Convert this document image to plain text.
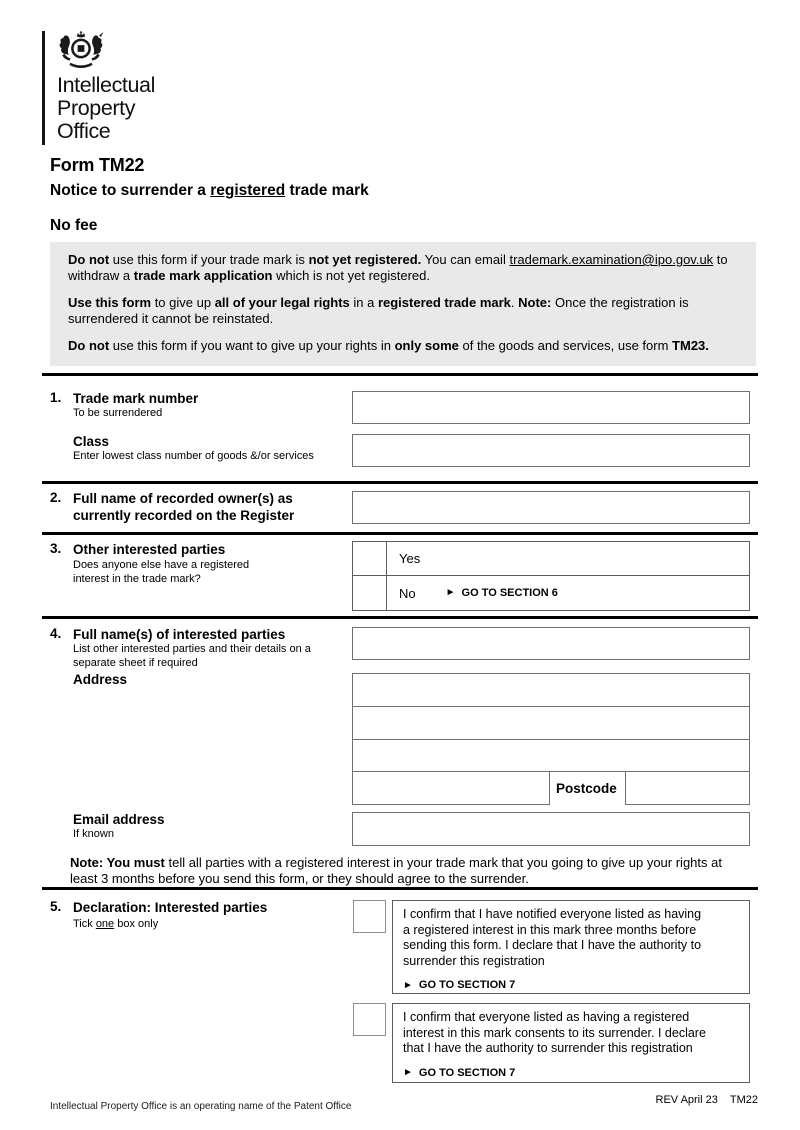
Intellectual
Property
Office
Form TM22
Notice to surrender a registered trade mark
No fee

Do not use this form if your trade mark is not yet registered. You can email trademark.examination@ipo.gov.uk to
withdraw a trade mark application which is not yet registered.

Use this form to give up all of your legal rights in a registered trade mark. Note: Once the registration is
surrendered it cannot be reinstated.

Do not use this form if you want to give up your rights in only some of the goods and services, use form TM23.

1. Trade mark number
To be surrendered
Class
Enter lowest class number of goods &/or services
2. Full name of recorded owner(s) as
currently recorded on the Register
3. Other interested parties
Does anyone else have a registered
interest in the trade mark?
Yes
No	► GO TO SECTION 6
4. Full name(s) of interested parties
List other interested parties and their details on a
separate sheet if required
Address
Postcode
Email address
If known
Note: You must tell all parties with a registered interest in your trade mark that you going to give up your rights at
least 3 months before you send this form, or they should agree to the surrender.
5. Declaration: Interested parties
Tick one box only
I confirm that I have notified everyone listed as having
a registered interest in this mark three months before
sending this form. I declare that I have the authority to
surrender this registration
► GO TO SECTION 7
I confirm that everyone listed as having a registered
interest in this mark consents to its surrender. I declare
that I have the authority to surrender this registration
► GO TO SECTION 7
Intellectual Property Office is an operating name of the Patent Office
REV April 23 TM22
